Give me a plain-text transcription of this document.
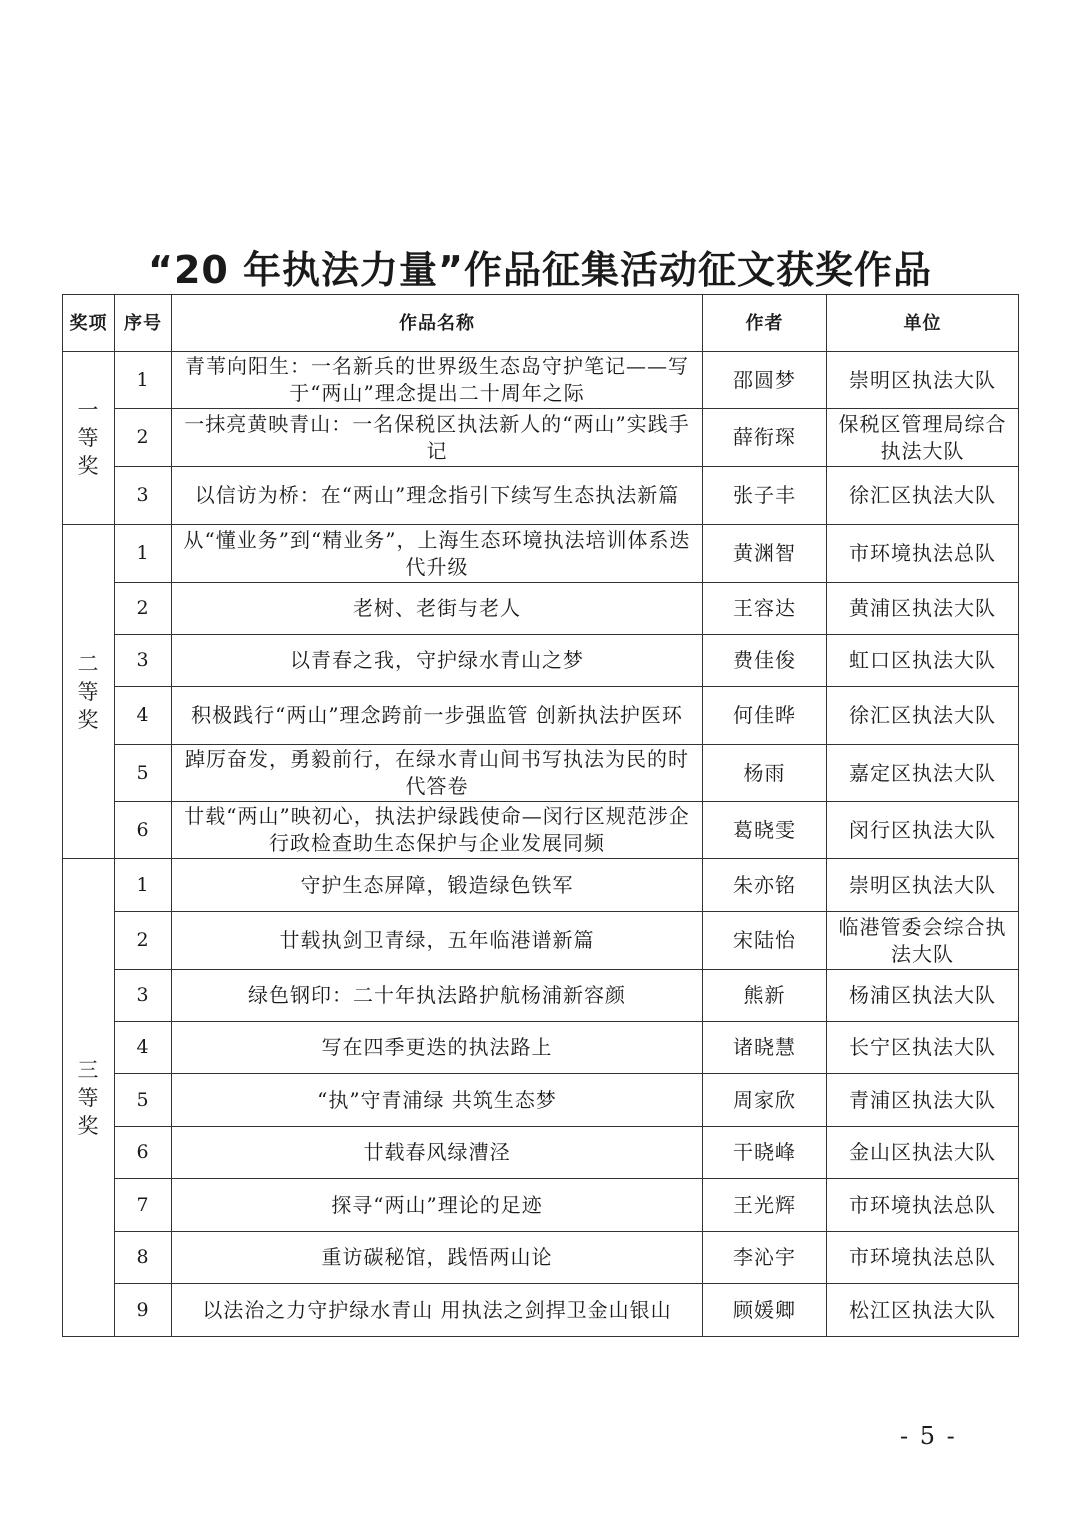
“20 年执法力量”作品征集活动征文获奖作品
奖项	序号	作品名称	作者	单位

一
等
奖	1	青苇向阳生：一名新兵的世界级生态岛守护笔记——写于“两山”理念提出二十周年之际	邵圆梦	崇明区执法大队
	2	一抹亮黄映青山：一名保税区执法新人的“两山”实践手记	薛衔琛	保税区管理局综合执法大队
	3	以信访为桥：在“两山”理念指引下续写生态执法新篇	张子丰	徐汇区执法大队

二
等
奖	1	从“懂业务”到“精业务”，上海生态环境执法培训体系迭代升级	黄渊智	市环境执法总队
	2	老树、老街与老人	王容达	黄浦区执法大队
	3	以青春之我，守护绿水青山之梦	费佳俊	虹口区执法大队
	4	积极践行“两山”理念跨前一步强监管 创新执法护医环	何佳晔	徐汇区执法大队
	5	踔厉奋发，勇毅前行，在绿水青山间书写执法为民的时代答卷	杨雨	嘉定区执法大队
	6	廿载“两山”映初心，执法护绿践使命—闵行区规范涉企行政检查助生态保护与企业发展同频	葛晓雯	闵行区执法大队

三
等
奖	1	守护生态屏障，锻造绿色铁军	朱亦铭	崇明区执法大队
	2	廿载执剑卫青绿，五年临港谱新篇	宋陆怡	临港管委会综合执法大队
	3	绿色钢印：二十年执法路护航杨浦新容颜	熊新	杨浦区执法大队
	4	写在四季更迭的执法路上	诸晓慧	长宁区执法大队
	5	“执”守青浦绿 共筑生态梦	周家欣	青浦区执法大队
	6	廿载春风绿漕泾	干晓峰	金山区执法大队
	7	探寻“两山”理论的足迹	王光辉	市环境执法总队
	8	重访碳秘馆，践悟两山论	李沁宇	市环境执法总队
	9	以法治之力守护绿水青山 用执法之剑捍卫金山银山	顾媛卿	松江区执法大队
- 5 -
